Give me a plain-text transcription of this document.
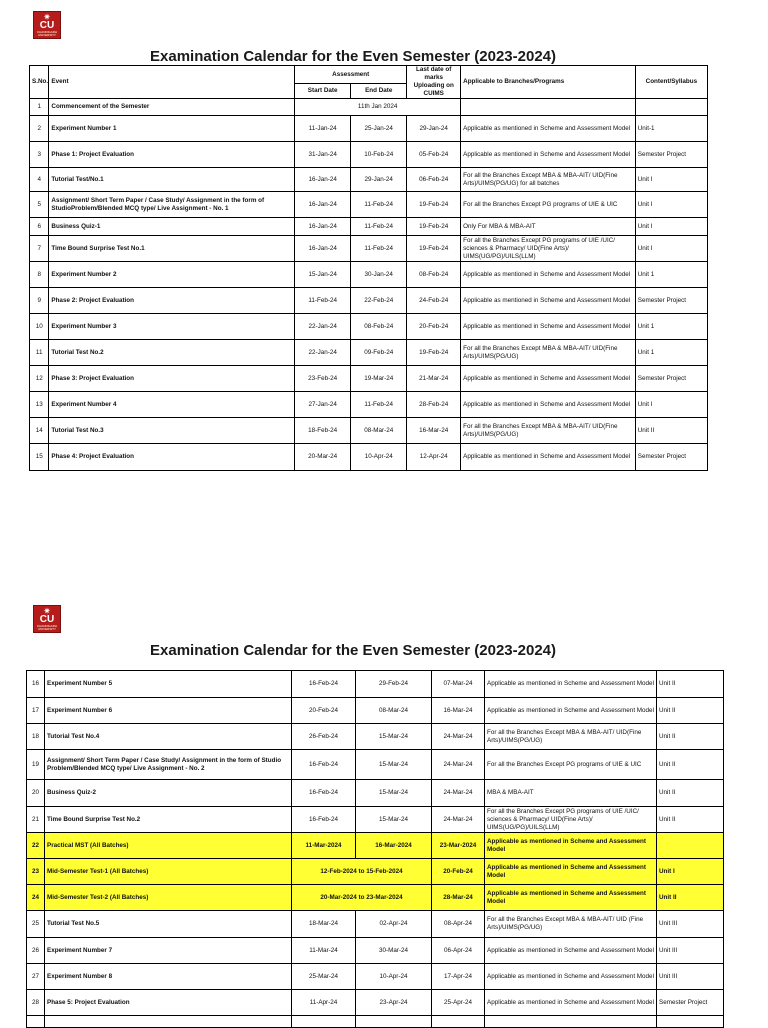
✷
CU
CHANDIGARH UNIVERSITY
Examination Calendar for the Even Semester (2023-2024)
S.No.	Event	Assessment		Last date of marks Uploading on CUIMS	Applicable to Branches/Programs	Content/Syllabus
		Start Date	End Date			
1	Commencement of the Semester	11th Jan 2024				
2	Experiment Number 1	11-Jan-24	25-Jan-24	29-Jan-24	Applicable as mentioned in Scheme and Assessment Model	Unit-1
3	Phase 1: Project Evaluation	31-Jan-24	10-Feb-24	05-Feb-24	Applicable as mentioned in Scheme and Assessment Model	Semester Project
4	Tutorial Test/No.1	16-Jan-24	29-Jan-24	06-Feb-24	For all the Branches Except MBA & MBA-AIT/ UID(Fine Arts)/UIMS(PG/UG) for all batches	Unit I
5	Assignment/ Short Term Paper / Case Study/ Assignment in the form of StudioProblem/Blended MCQ type/ Live Assignment - No. 1	16-Jan-24	11-Feb-24	19-Feb-24	For all the Branches Except PG programs of UIE & UIC	Unit I
6	Business Quiz-1	16-Jan-24	11-Feb-24	19-Feb-24	Only For MBA & MBA-AIT	Unit I
7	Time Bound Surprise Test No.1	16-Jan-24	11-Feb-24	19-Feb-24	For all the Branches Except PG programs of UIE /UIC/ sciences & Pharmacy/ UID(Fine Arts)/ UIMS(UG/PG)/UILS(LLM)	Unit I
8	Experiment Number 2	15-Jan-24	30-Jan-24	08-Feb-24	Applicable as mentioned in Scheme and Assessment Model	Unit 1
9	Phase 2: Project Evaluation	11-Feb-24	22-Feb-24	24-Feb-24	Applicable as mentioned in Scheme and Assessment Model	Semester Project
10	Experiment Number 3	22-Jan-24	08-Feb-24	20-Feb-24	Applicable as mentioned in Scheme and Assessment Model	Unit 1
11	Tutorial Test No.2	22-Jan-24	09-Feb-24	19-Feb-24	For all the Branches Except MBA & MBA-AIT/ UID(Fine Arts)/UIMS(PG/UG)	Unit 1
12	Phase 3: Project Evaluation	23-Feb-24	19-Mar-24	21-Mar-24	Applicable as mentioned in Scheme and Assessment Model	Semester Project
13	Experiment Number 4	27-Jan-24	11-Feb-24	28-Feb-24	Applicable as mentioned in Scheme and Assessment Model	Unit I
14	Tutorial Test No.3	18-Feb-24	08-Mar-24	16-Mar-24	For all the Branches Except MBA & MBA-AIT/ UID(Fine Arts)/UIMS(PG/UG)	Unit II
15	Phase 4: Project Evaluation	20-Mar-24	10-Apr-24	12-Apr-24	Applicable as mentioned in Scheme and Assessment Model	Semester Project
✷
CU
CHANDIGARH UNIVERSITY
Examination Calendar for the Even Semester (2023-2024)
16	Experiment Number 5	16-Feb-24	29-Feb-24	07-Mar-24	Applicable as mentioned in Scheme and Assessment Model	Unit II
17	Experiment Number 6	20-Feb-24	08-Mar-24	16-Mar-24	Applicable as mentioned in Scheme and Assessment Model	Unit II
18	Tutorial Test No.4	26-Feb-24	15-Mar-24	24-Mar-24	For all the Branches Except MBA & MBA-AIT/ UID(Fine Arts)/UIMS(PG/UG)	Unit II
19	Assignment/ Short Term Paper / Case Study/ Assignment in the form of Studio Problem/Blended MCQ type/ Live Assignment - No. 2	16-Feb-24	15-Mar-24	24-Mar-24	For all the Branches Except PG programs of UIE & UIC	Unit II
20	Business Quiz-2	16-Feb-24	15-Mar-24	24-Mar-24	MBA & MBA-AIT	Unit II
21	Time Bound Surprise Test No.2	16-Feb-24	15-Mar-24	24-Mar-24	For all the Branches Except PG programs of UIE /UIC/ sciences & Pharmacy/ UID(Fine Arts)/ UIMS(UG/PG)/UILS(LLM)	Unit II
22	Practical MST (All Batches)	11-Mar-2024	16-Mar-2024	23-Mar-2024	Applicable as mentioned in Scheme and Assessment Model	
23	Mid-Semester Test-1 (All Batches)	12-Feb-2024 to 15-Feb-2024		20-Feb-24	Applicable as mentioned in Scheme and Assessment Model	Unit I
24	Mid-Semester Test-2 (All Batches)	20-Mar-2024 to 23-Mar-2024		28-Mar-24	Applicable as mentioned in Scheme and Assessment Model	Unit II
25	Tutorial Test No.5	18-Mar-24	02-Apr-24	08-Apr-24	For all the Branches Except MBA & MBA-AIT/ UID (Fine Arts)/UIMS(PG/UG)	Unit III
26	Experiment Number 7	11-Mar-24	30-Mar-24	06-Apr-24	Applicable as mentioned in Scheme and Assessment Model	Unit III
27	Experiment Number 8	25-Mar-24	10-Apr-24	17-Apr-24	Applicable as mentioned in Scheme and Assessment Model	Unit III
28	Phase 5: Project Evaluation	11-Apr-24	23-Apr-24	25-Apr-24	Applicable as mentioned in Scheme and Assessment Model	Semester Project
